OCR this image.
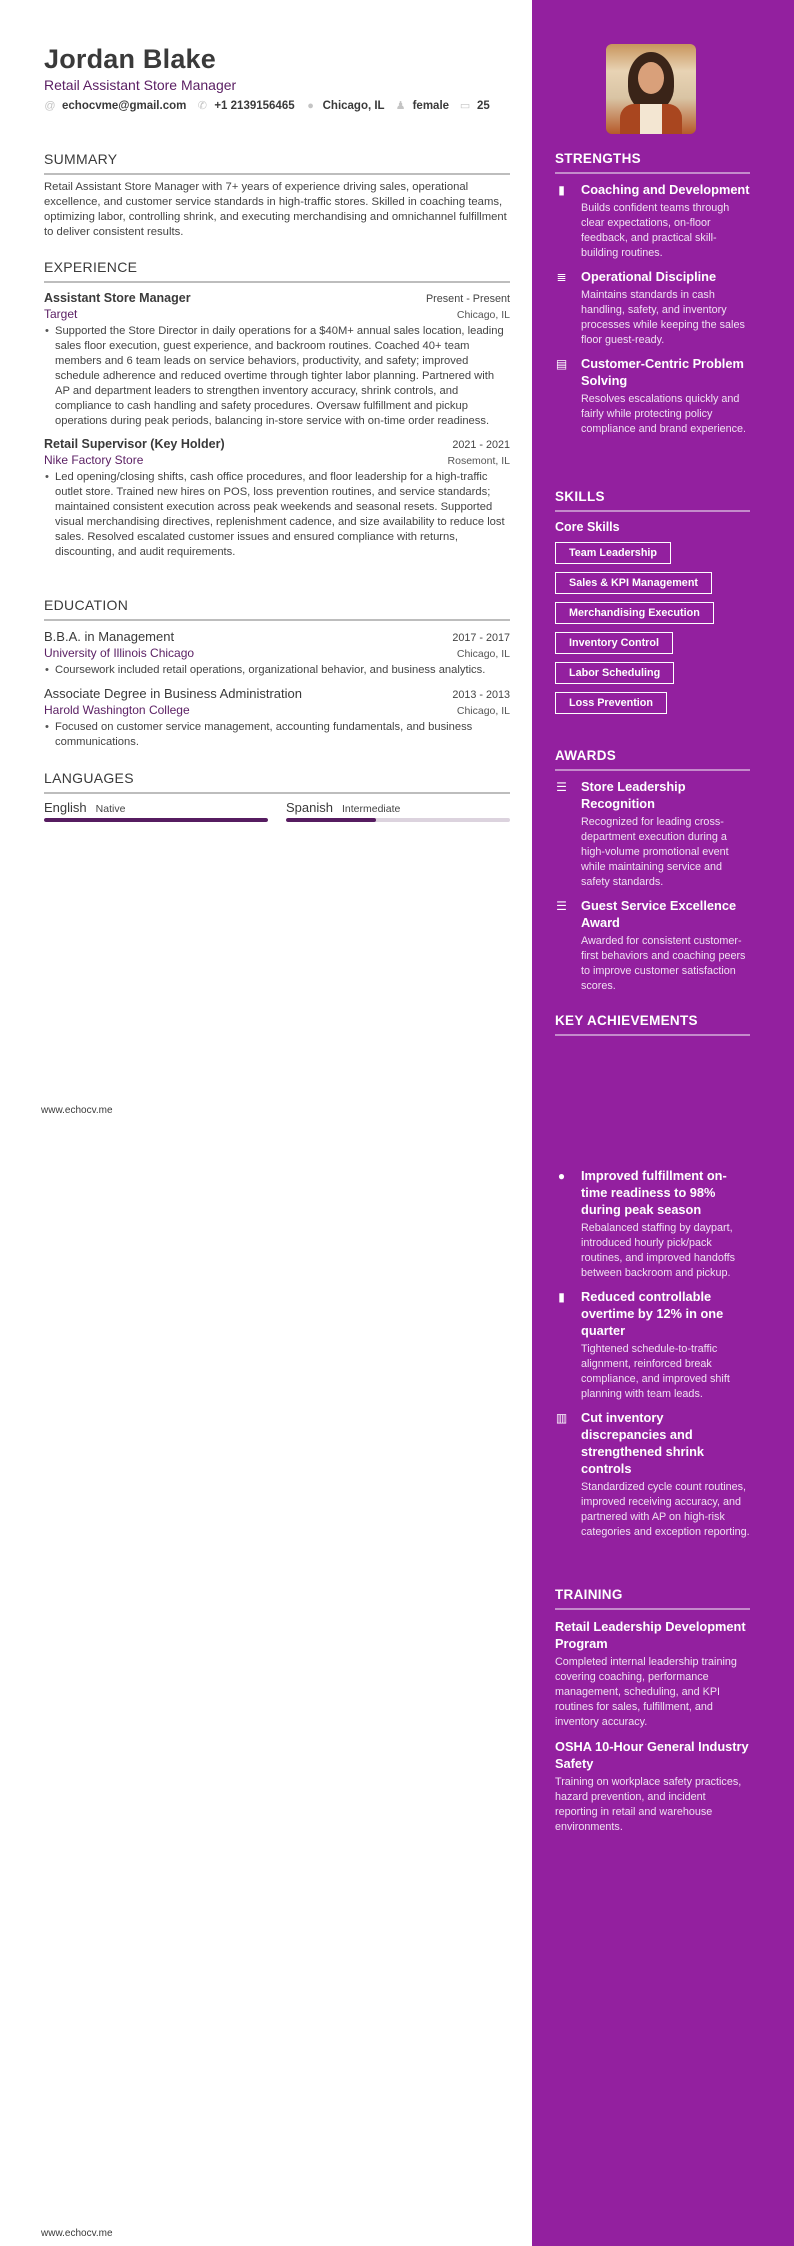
Jordan Blake
Retail Assistant Store Manager
@ echocvme@gmail.com ✆ +1 2139156465 ● Chicago, IL ♟ female ▭ 25
SUMMARY
Retail Assistant Store Manager with 7+ years of experience driving sales, operational excellence, and customer service standards in high-traffic stores. Skilled in coaching teams, optimizing labor, controlling shrink, and executing merchandising and omnichannel fulfillment to deliver consistent results.
EXPERIENCE
Assistant Store Manager	Present - Present
Target	Chicago, IL
• Supported the Store Director in daily operations for a $40M+ annual sales location, leading sales floor execution, guest experience, and backroom routines. Coached 40+ team members and 6 team leads on service behaviors, productivity, and safety; improved schedule adherence and reduced overtime through tighter labor planning. Partnered with AP and department leaders to strengthen inventory accuracy, shrink controls, and compliance to cash handling and safety procedures. Oversaw fulfillment and pickup operations during peak periods, balancing in-store service with on-time order readiness.
Retail Supervisor (Key Holder)	2021 - 2021
Nike Factory Store	Rosemont, IL
• Led opening/closing shifts, cash office procedures, and floor leadership for a high-traffic outlet store. Trained new hires on POS, loss prevention routines, and service standards; maintained consistent execution across peak weekends and seasonal resets. Supported visual merchandising directives, replenishment cadence, and size availability to reduce lost sales. Resolved escalated customer issues and ensured compliance with returns, discounting, and audit requirements.
EDUCATION
B.B.A. in Management	2017 - 2017
University of Illinois Chicago	Chicago, IL
• Coursework included retail operations, organizational behavior, and business analytics.
Associate Degree in Business Administration	2013 - 2013
Harold Washington College	Chicago, IL
• Focused on customer service management, accounting fundamentals, and business communications.
LANGUAGES
English Native	Spanish Intermediate
www.echocv.me
www.echocv.me
STRENGTHS
▮ Coaching and Development
Builds confident teams through clear expectations, on-floor feedback, and practical skill-building routines.
≣ Operational Discipline
Maintains standards in cash handling, safety, and inventory processes while keeping the sales floor guest-ready.
▤ Customer-Centric Problem Solving
Resolves escalations quickly and fairly while protecting policy compliance and brand experience.
SKILLS
Core Skills
Team Leadership
Sales & KPI Management
Merchandising Execution
Inventory Control
Labor Scheduling
Loss Prevention
AWARDS
☰ Store Leadership Recognition
Recognized for leading cross-department execution during a high-volume promotional event while maintaining service and safety standards.
☰ Guest Service Excellence Award
Awarded for consistent customer-first behaviors and coaching peers to improve customer satisfaction scores.
KEY ACHIEVEMENTS
● Improved fulfillment on-time readiness to 98% during peak season
Rebalanced staffing by daypart, introduced hourly pick/pack routines, and improved handoffs between backroom and pickup.
▮ Reduced controllable overtime by 12% in one quarter
Tightened schedule-to-traffic alignment, reinforced break compliance, and improved shift planning with team leads.
▥ Cut inventory discrepancies and strengthened shrink controls
Standardized cycle count routines, improved receiving accuracy, and partnered with AP on high-risk categories and exception reporting.
TRAINING
Retail Leadership Development Program
Completed internal leadership training covering coaching, performance management, scheduling, and KPI routines for sales, fulfillment, and inventory accuracy.
OSHA 10-Hour General Industry Safety
Training on workplace safety practices, hazard prevention, and incident reporting in retail and warehouse environments.
